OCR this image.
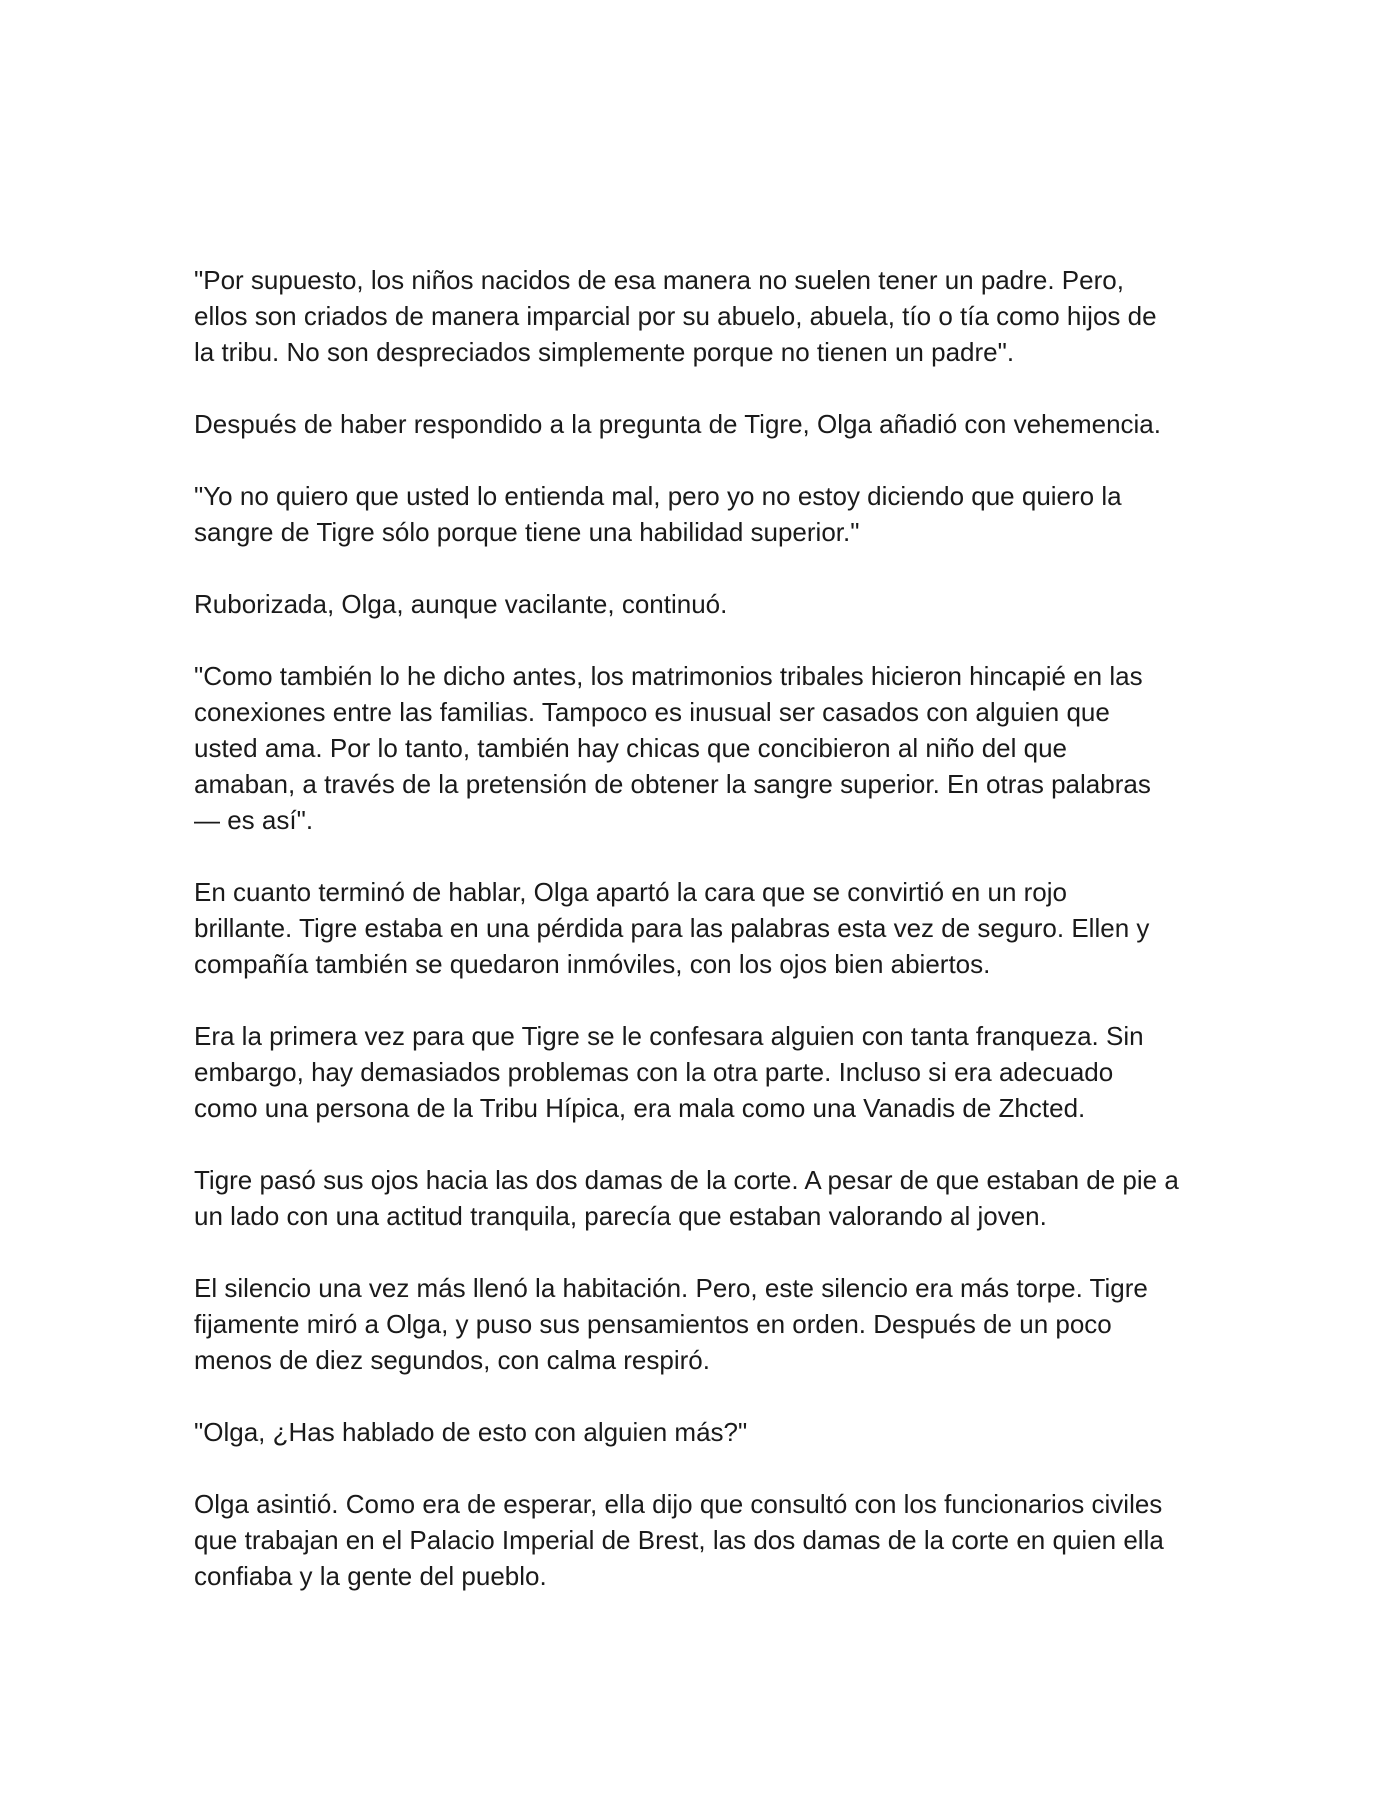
"Por supuesto, los niños nacidos de esa manera no suelen tener un padre. Pero,
ellos son criados de manera imparcial por su abuelo, abuela, tío o tía como hijos de
la tribu. No son despreciados simplemente porque no tienen un padre".

Después de haber respondido a la pregunta de Tigre, Olga añadió con vehemencia.

"Yo no quiero que usted lo entienda mal, pero yo no estoy diciendo que quiero la
sangre de Tigre sólo porque tiene una habilidad superior."

Ruborizada, Olga, aunque vacilante, continuó.

"Como también lo he dicho antes, los matrimonios tribales hicieron hincapié en las
conexiones entre las familias. Tampoco es inusual ser casados con alguien que
usted ama. Por lo tanto, también hay chicas que concibieron al niño del que
amaban, a través de la pretensión de obtener la sangre superior. En otras palabras
— es así".

En cuanto terminó de hablar, Olga apartó la cara que se convirtió en un rojo
brillante. Tigre estaba en una pérdida para las palabras esta vez de seguro. Ellen y
compañía también se quedaron inmóviles, con los ojos bien abiertos.

Era la primera vez para que Tigre se le confesara alguien con tanta franqueza. Sin
embargo, hay demasiados problemas con la otra parte. Incluso si era adecuado
como una persona de la Tribu Hípica, era mala como una Vanadis de Zhcted.

Tigre pasó sus ojos hacia las dos damas de la corte. A pesar de que estaban de pie a
un lado con una actitud tranquila, parecía que estaban valorando al joven.

El silencio una vez más llenó la habitación. Pero, este silencio era más torpe. Tigre
fijamente miró a Olga, y puso sus pensamientos en orden. Después de un poco
menos de diez segundos, con calma respiró.

"Olga, ¿Has hablado de esto con alguien más?"

Olga asintió. Como era de esperar, ella dijo que consultó con los funcionarios civiles
que trabajan en el Palacio Imperial de Brest, las dos damas de la corte en quien ella
confiaba y la gente del pueblo.
